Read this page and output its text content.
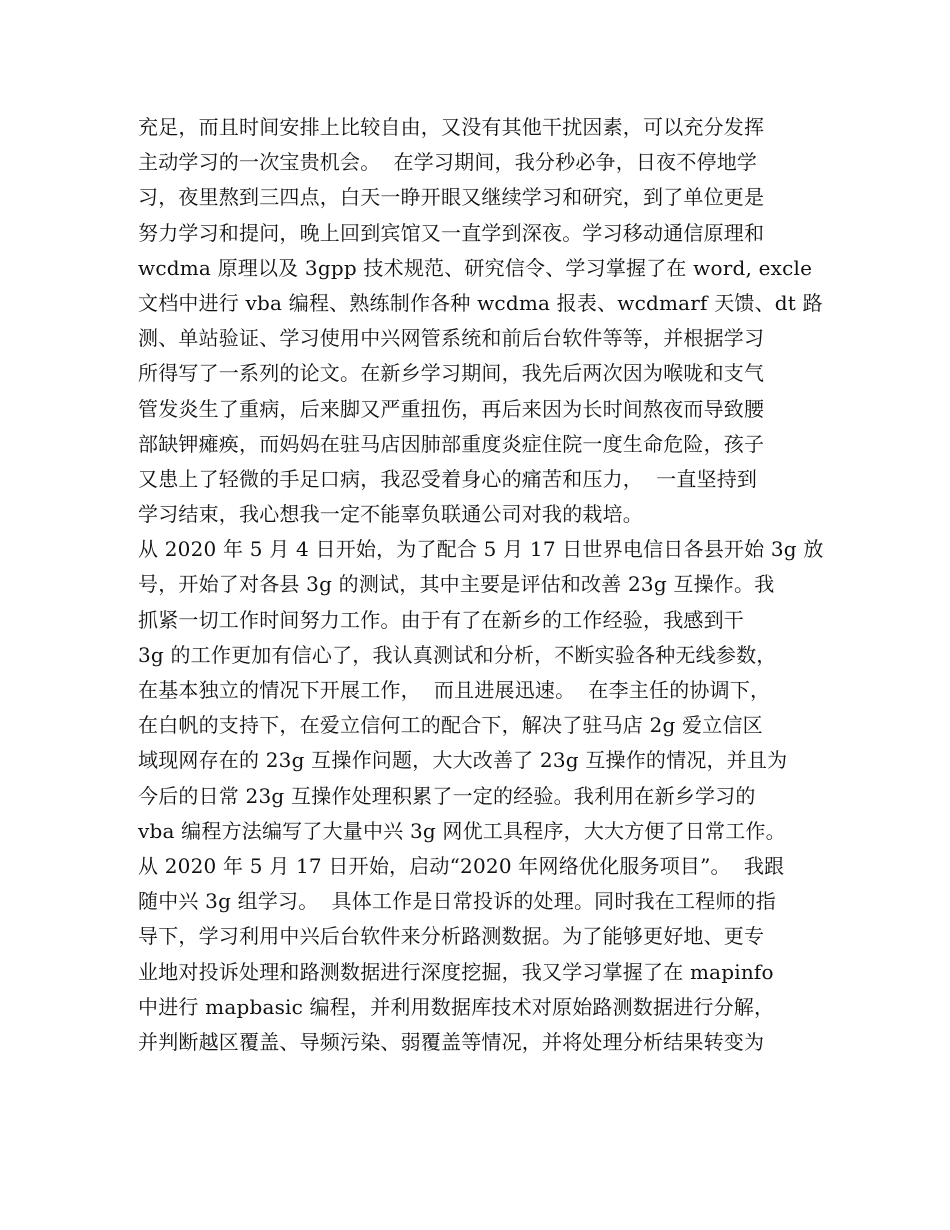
充足，而且时间安排上比较自由，又没有其他干扰因素，可以充分发挥
主动学习的一次宝贵机会。  在学习期间，我分秒必争，日夜不停地学
习，夜里熬到三四点，白天一睁开眼又继续学习和研究，到了单位更是
努力学习和提问，晚上回到宾馆又一直学到深夜。学习移动通信原理和
wcdma 原理以及 3gpp 技术规范、研究信令、学习掌握了在 word, excle
文档中进行 vba 编程、熟练制作各种 wcdma 报表、wcdmarf 天馈、dt 路
测、单站验证、学习使用中兴网管系统和前后台软件等等，并根据学习
所得写了一系列的论文。在新乡学习期间，我先后两次因为喉咙和支气
管发炎生了重病，后来脚又严重扭伤，再后来因为长时间熬夜而导致腰
部缺钾瘫痪，而妈妈在驻马店因肺部重度炎症住院一度生命危险，孩子
又患上了轻微的手足口病，我忍受着身心的痛苦和压力，  一直坚持到
学习结束，我心想我一定不能辜负联通公司对我的栽培。
从 2020 年 5 月 4 日开始，为了配合 5 月 17 日世界电信日各县开始 3g 放
号，开始了对各县 3g 的测试，其中主要是评估和改善 23g 互操作。我
抓紧一切工作时间努力工作。由于有了在新乡的工作经验，我感到干
3g 的工作更加有信心了，我认真测试和分析，不断实验各种无线参数，
在基本独立的情况下开展工作，  而且进展迅速。  在李主任的协调下，
在白帆的支持下，在爱立信何工的配合下，解决了驻马店 2g 爱立信区
域现网存在的 23g 互操作问题，大大改善了 23g 互操作的情况，并且为
今后的日常 23g 互操作处理积累了一定的经验。我利用在新乡学习的
vba 编程方法编写了大量中兴 3g 网优工具程序，大大方便了日常工作。
从 2020 年 5 月 17 日开始，启动“2020 年网络优化服务项目”。  我跟
随中兴 3g 组学习。  具体工作是日常投诉的处理。同时我在工程师的指
导下，学习利用中兴后台软件来分析路测数据。为了能够更好地、更专
业地对投诉处理和路测数据进行深度挖掘，我又学习掌握了在 mapinfo
中进行 mapbasic 编程，并利用数据库技术对原始路测数据进行分解，
并判断越区覆盖、导频污染、弱覆盖等情况，并将处理分析结果转变为
